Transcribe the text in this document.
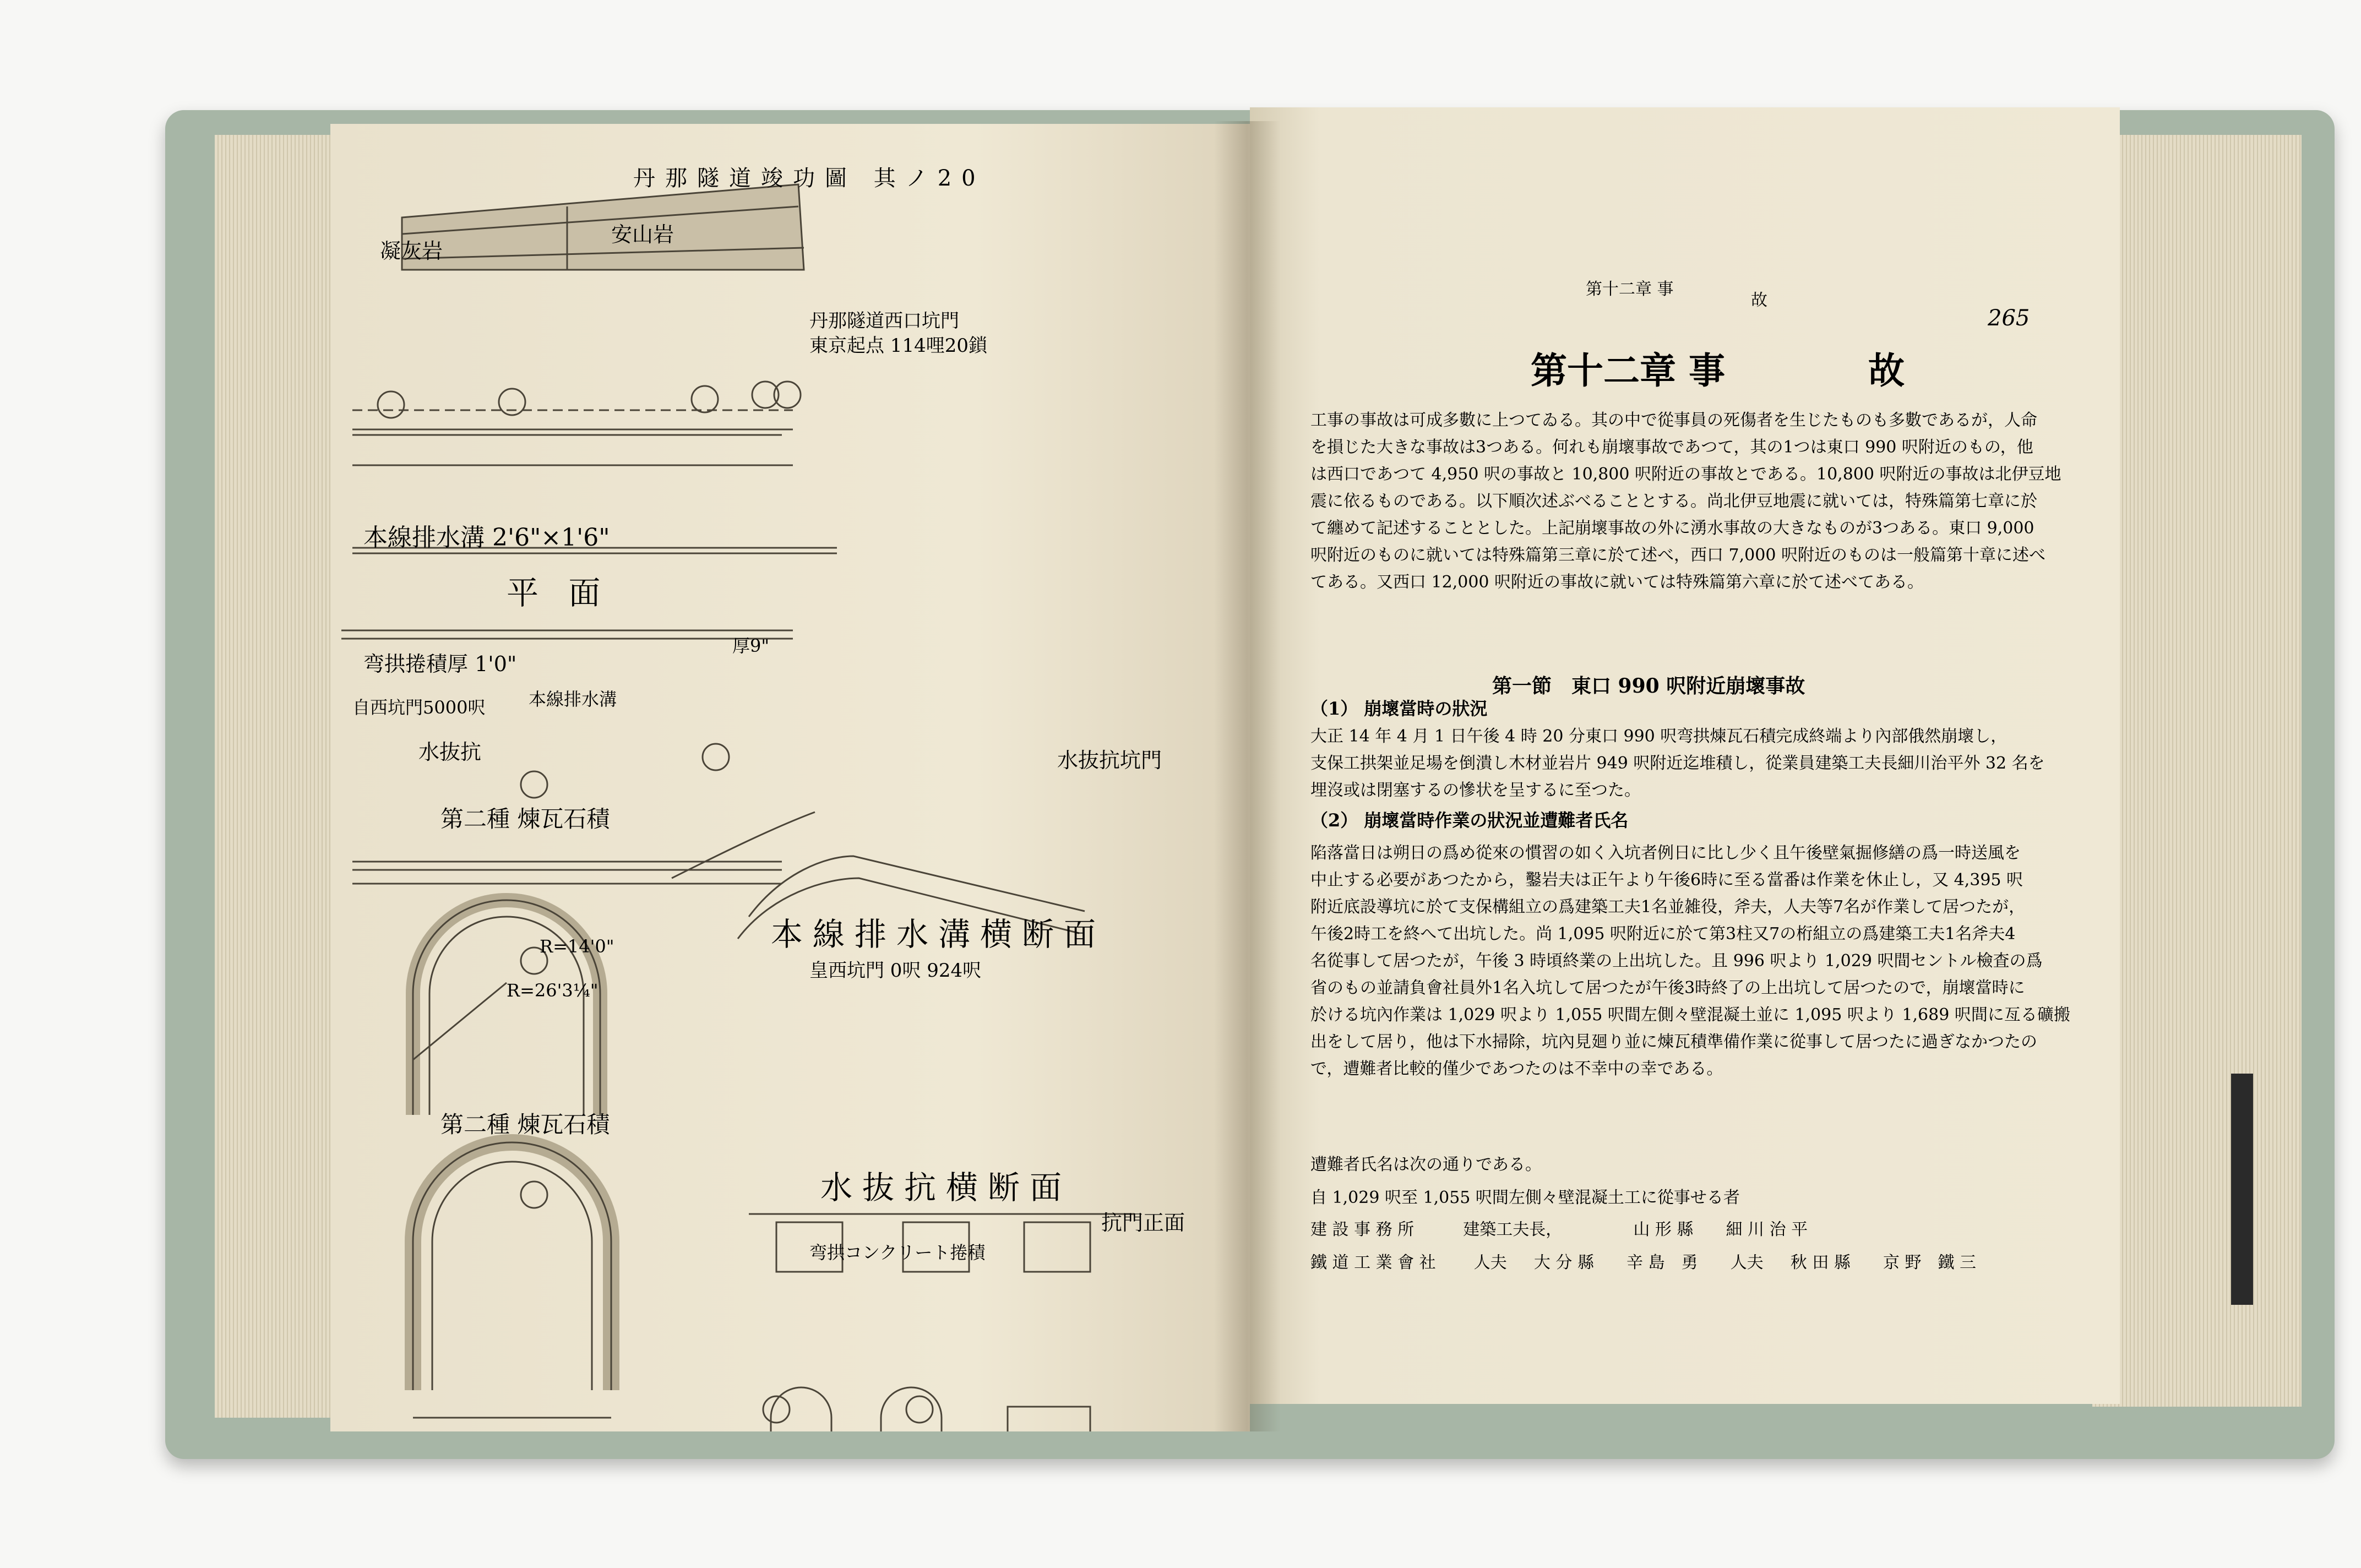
丹那隧道竣功圖 其ノ20
凝灰岩
安山岩
丹那隧道西口坑門
東京起点 114哩20鎖
本線排水溝 2'6"×1'6"
弯拱捲積厚 1'0"
自西坑門5000呎 本線排水溝
水抜抗	水抜抗坑門
第二種 煉瓦石積
第二種 煉瓦石積
R=14'0"
R=26'3¼"
皇西坑門 0呎 924呎
弯拱コンクリート捲積
抗門正面
厚9"
平 面
本線排水溝横断面
水抜抗横断面
第十二章 事
故
265
第十二章 事	故
工事の事故は可成多數に上つてゐる。其の中で從事員の死傷者を生じたものも多數であるが，人命
を損じた大きな事故は3つある。何れも崩壞事故であつて，其の1つは東口 990 呎附近のもの，他
は西口であつて 4,950 呎の事故と 10,800 呎附近の事故とである。10,800 呎附近の事故は北伊豆地
震に依るものである。以下順次述ぶべることとする。尚北伊豆地震に就いては，特殊篇第七章に於
て纏めて記述することとした。上記崩壞事故の外に湧水事故の大きなものが3つある。東口 9,000
呎附近のものに就いては特殊篇第三章に於て述べ，西口 7,000 呎附近のものは一般篇第十章に述べ
てある。又西口 12,000 呎附近の事故に就いては特殊篇第六章に於て述べてある。
第一節　東口 990 呎附近崩壞事故
（1） 崩壞當時の狀況
大正 14 年 4 月 1 日午後 4 時 20 分東口 990 呎弯拱煉瓦石積完成終端より內部俄然崩壞し，
支保工拱架並足場を倒潰し木材並岩片 949 呎附近迄堆積し，從業員建築工夫長細川治平外 32 名を
埋沒或は閉塞するの慘状を呈するに至つた。
（2） 崩壞當時作業の狀況並遭難者氏名
陷落當日は朔日の爲め從來の慣習の如く入坑者例日に比し少く且午後壁氣掘修繕の爲一時送風を
中止する必要があつたから，鑿岩夫は正午より午後6時に至る當番は作業を休止し，又 4,395 呎
附近底設導坑に於て支保構組立の爲建築工夫1名並雑役，斧夫，人夫等7名が作業して居つたが，
午後2時工を終へて出坑した。尚 1,095 呎附近に於て第3柱又7の桁組立の爲建築工夫1名斧夫4
名從事して居つたが，午後 3 時頃終業の上出坑した。且 996 呎より 1,029 呎間セントル檢査の爲
省のもの並請負會社員外1名入坑して居つたが午後3時終了の上出坑して居つたので，崩壞當時に
於ける坑內作業は 1,029 呎より 1,055 呎間左側々壁混凝土並に 1,095 呎より 1,689 呎間に亙る礦搬
出をして居り，他は下水掃除，坑內見廻り並に煉瓦積準備作業に從事して居つたに過ぎなかつたの
で，遭難者比較的僅少であつたのは不幸中の幸である。
遭難者氏名は次の通りである。
自 1,029 呎至 1,055 呎間左側々壁混凝土工に從事せる者
建 設 事 務 所	建築工夫長，	山 形 縣 細 川 治 平
鐵 道 工 業 會 社 人夫 大 分 縣 辛 島　勇 人夫 秋 田 縣 京 野　鐵 三
